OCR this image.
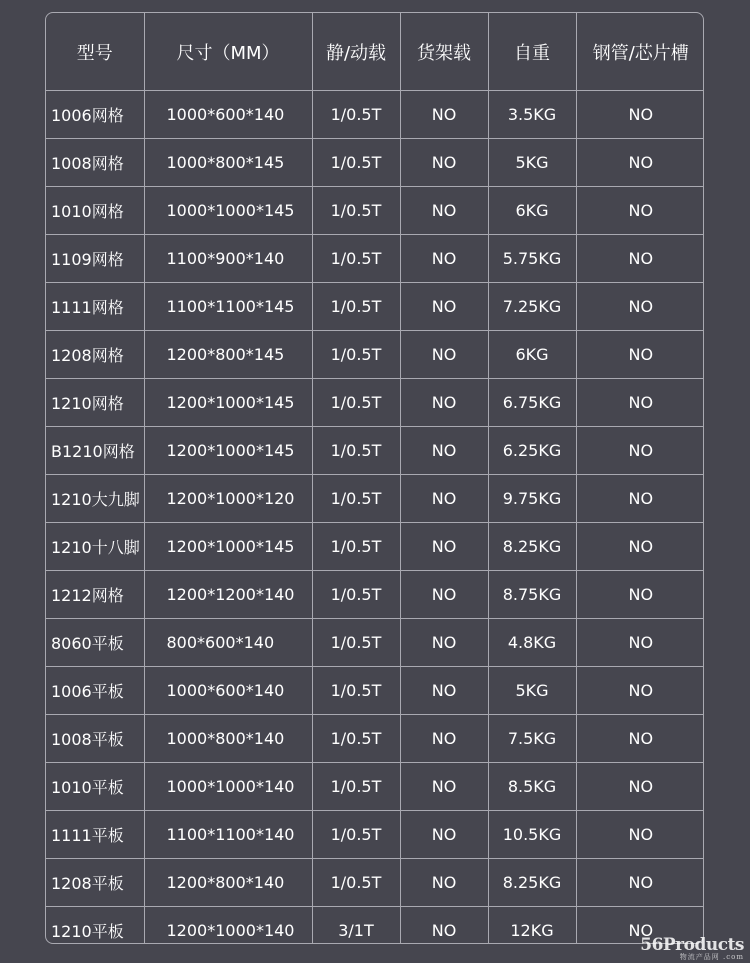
型号	尺寸（MM）	静/动载	货架载	自重	钢管/芯片槽
1006网格	1000*600*140	1/0.5T	NO	3.5KG	NO
1008网格	1000*800*145	1/0.5T	NO	5KG	NO
1010网格	1000*1000*145	1/0.5T	NO	6KG	NO
1109网格	1100*900*140	1/0.5T	NO	5.75KG	NO
1111网格	1100*1100*145	1/0.5T	NO	7.25KG	NO
1208网格	1200*800*145	1/0.5T	NO	6KG	NO
1210网格	1200*1000*145	1/0.5T	NO	6.75KG	NO
B1210网格	1200*1000*145	1/0.5T	NO	6.25KG	NO
1210大九脚	1200*1000*120	1/0.5T	NO	9.75KG	NO
1210十八脚	1200*1000*145	1/0.5T	NO	8.25KG	NO
1212网格	1200*1200*140	1/0.5T	NO	8.75KG	NO
8060平板	800*600*140	1/0.5T	NO	4.8KG	NO
1006平板	1000*600*140	1/0.5T	NO	5KG	NO
1008平板	1000*800*140	1/0.5T	NO	7.5KG	NO
1010平板	1000*1000*140	1/0.5T	NO	8.5KG	NO
1111平板	1100*1100*140	1/0.5T	NO	10.5KG	NO
1208平板	1200*800*140	1/0.5T	NO	8.25KG	NO
1210平板	1200*1000*140	3/1T	NO	12KG	NO
56Products
物流产品网 .com
